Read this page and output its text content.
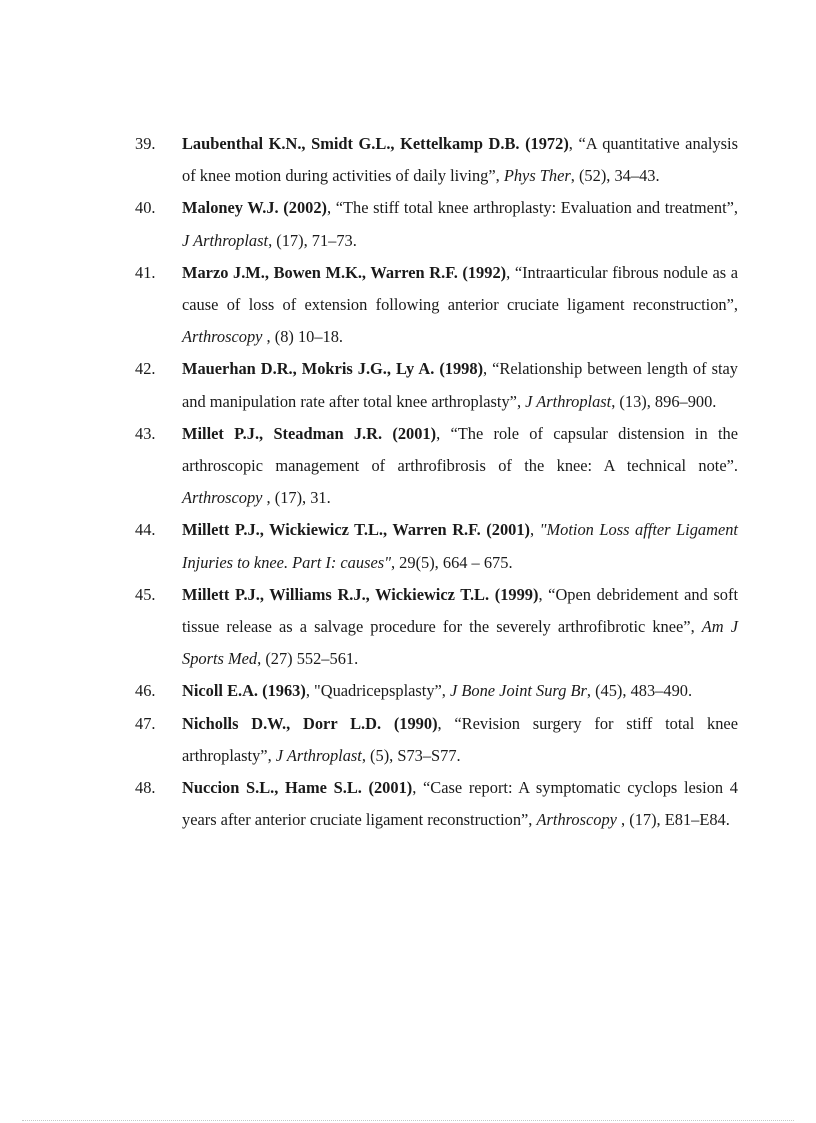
39. Laubenthal K.N., Smidt G.L., Kettelkamp D.B. (1972), “A quantitative analysis of knee motion during activities of daily living”, Phys Ther, (52), 34–43.
40. Maloney W.J. (2002), “The stiff total knee arthroplasty: Evaluation and treatment”, J Arthroplast, (17), 71–73.
41. Marzo J.M., Bowen M.K., Warren R.F. (1992), “Intraarticular fibrous nodule as a cause of loss of extension following anterior cruciate ligament reconstruction”, Arthroscopy , (8) 10–18.
42. Mauerhan D.R., Mokris J.G., Ly A. (1998), “Relationship between length of stay and manipulation rate after total knee arthroplasty”, J Arthroplast, (13), 896–900.
43. Millet P.J., Steadman J.R. (2001), “The role of capsular distension in the arthroscopic management of arthrofibrosis of the knee: A technical note”. Arthroscopy , (17), 31.
44. Millett P.J., Wickiewicz T.L., Warren R.F. (2001), "Motion Loss affter Ligament Injuries to knee. Part I: causes", 29(5), 664 – 675.
45. Millett P.J., Williams R.J., Wickiewicz T.L. (1999), “Open debridement and soft tissue release as a salvage procedure for the severely arthrofibrotic knee”, Am J Sports Med, (27) 552–561.
46. Nicoll E.A. (1963), "Quadricepsplasty”, J Bone Joint Surg Br, (45), 483–490.
47. Nicholls D.W., Dorr L.D. (1990), “Revision surgery for stiff total knee arthroplasty”, J Arthroplast, (5), S73–S77.
48. Nuccion S.L., Hame S.L. (2001), “Case report: A symptomatic cyclops lesion 4 years after anterior cruciate ligament reconstruction”, Arthroscopy , (17), E81–E84.
